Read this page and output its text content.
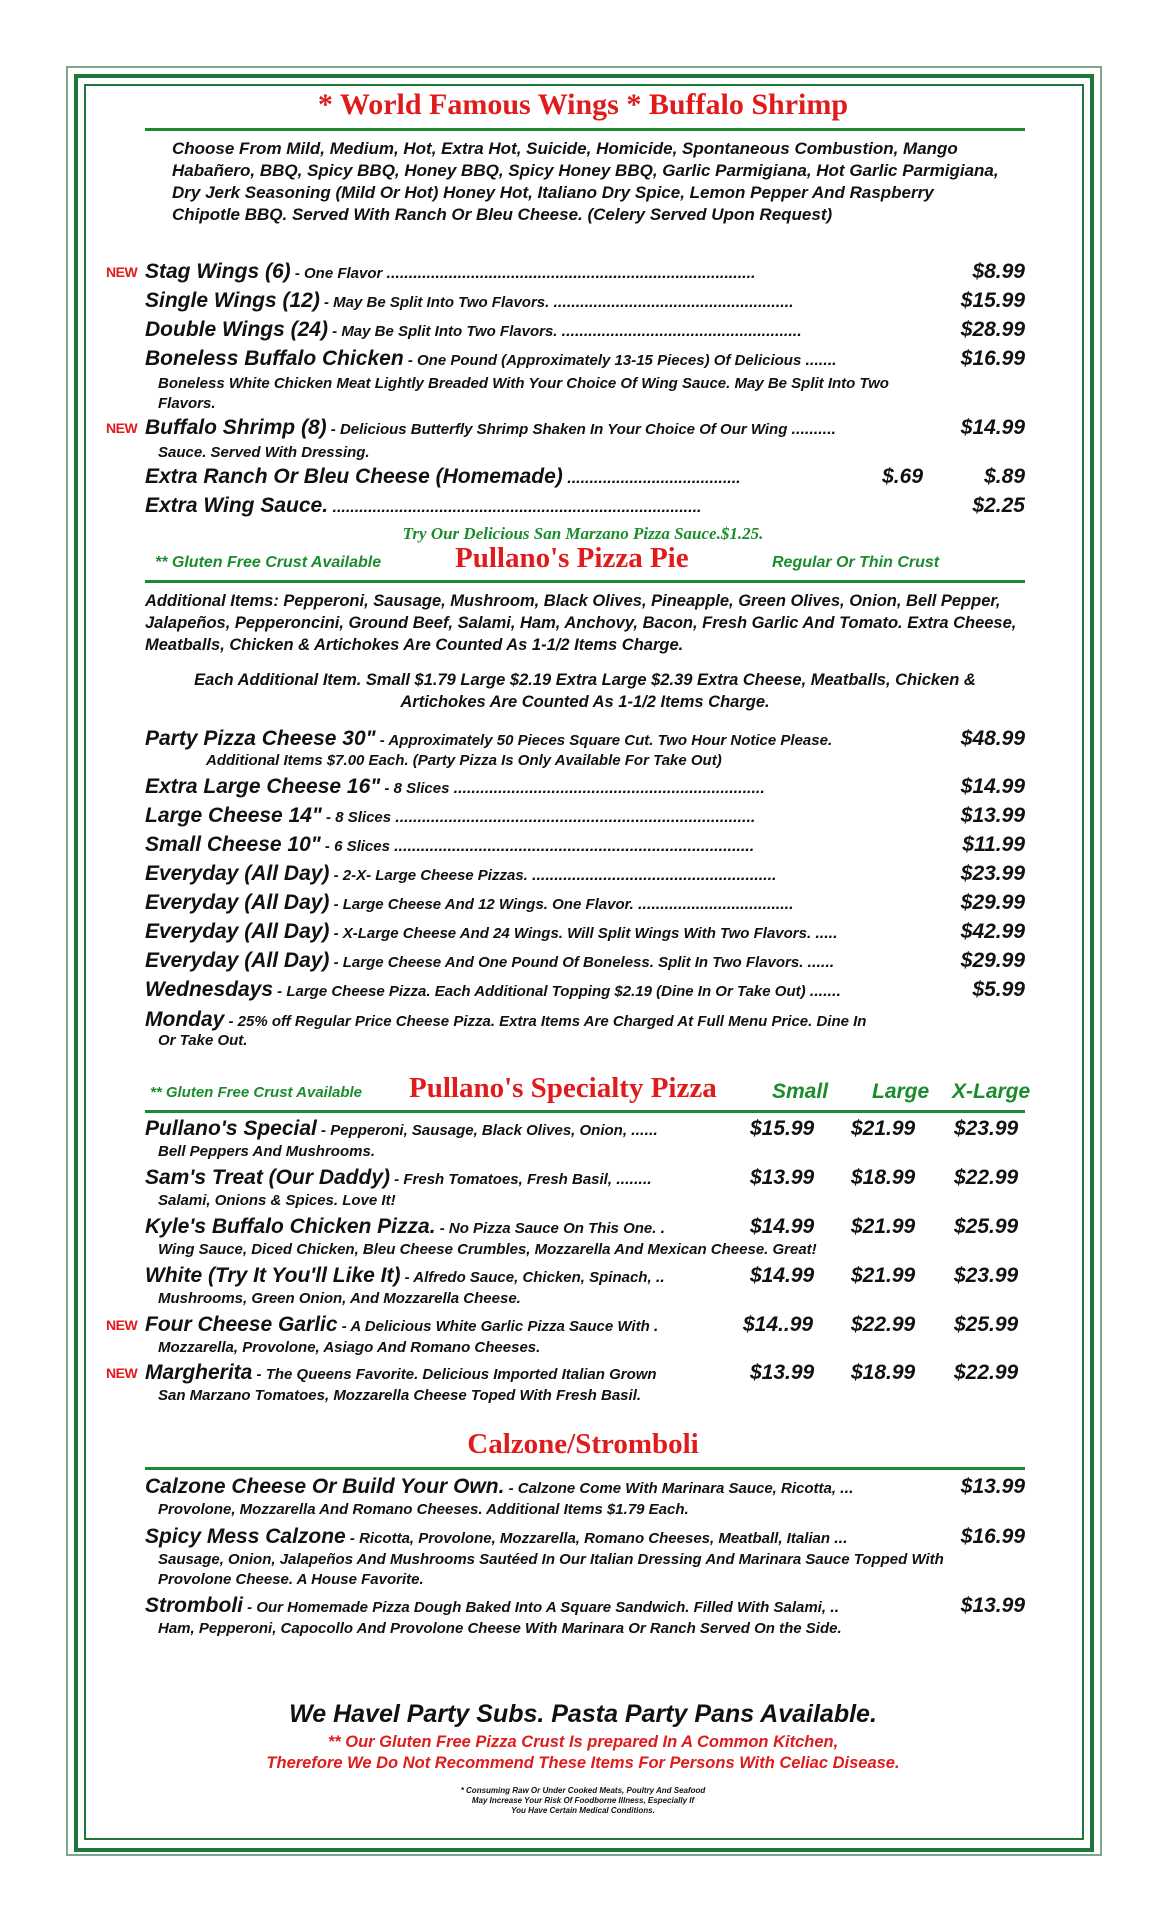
* World Famous Wings * Buffalo Shrimp
Choose From Mild, Medium, Hot, Extra Hot, Suicide, Homicide, Spontaneous Combustion, Mango Habañero, BBQ, Spicy BBQ, Honey BBQ, Spicy Honey BBQ, Garlic Parmigiana, Hot Garlic Parmigiana, Dry Jerk Seasoning (Mild Or Hot) Honey Hot, Italiano Dry Spice, Lemon Pepper And Raspberry Chipotle BBQ. Served With Ranch Or Bleu Cheese. (Celery Served Upon Request)
Stag Wings (6) - One Flavor ...................................................................................	$8.99
NEW
Single Wings (12) - May Be Split Into Two Flavors. ......................................................	$15.99
Double Wings (24) - May Be Split Into Two Flavors. ......................................................	$28.99
Boneless Buffalo Chicken - One Pound (Approximately 13-15 Pieces) Of Delicious .......	$16.99
Boneless White Chicken Meat Lightly Breaded With Your Choice Of Wing Sauce. May Be Split Into Two Flavors.
Buffalo Shrimp (8) - Delicious Butterfly Shrimp Shaken In Your Choice Of Our Wing ..........	$14.99
NEW
Sauce. Served With Dressing.
Extra Ranch Or Bleu Cheese (Homemade) .......................................	$.69	$.89
Extra Wing Sauce. ...................................................................................	$2.25
Try Our Delicious San Marzano Pizza Sauce.$1.25.
** Gluten Free Crust Available	Pullano's Pizza Pie	Regular Or Thin Crust
Additional Items: Pepperoni, Sausage, Mushroom, Black Olives, Pineapple, Green Olives, Onion, Bell Pepper, Jalapeños, Pepperoncini, Ground Beef, Salami, Ham, Anchovy, Bacon, Fresh Garlic And Tomato. Extra Cheese, Meatballs, Chicken & Artichokes Are Counted As 1-1/2 Items Charge.
Each Additional Item. Small $1.79 Large $2.19 Extra Large $2.39 Extra Cheese, Meatballs, Chicken & Artichokes Are Counted As 1-1/2 Items Charge.
Party Pizza Cheese 30" - Approximately 50 Pieces Square Cut. Two Hour Notice Please.	$48.99
Additional Items $7.00 Each. (Party Pizza Is Only Available For Take Out)
Extra Large Cheese 16" - 8 Slices ......................................................................	$14.99
Large Cheese 14" - 8 Slices .................................................................................	$13.99
Small Cheese 10" - 6 Slices .................................................................................	$11.99
Everyday (All Day) - 2-X- Large Cheese Pizzas. .......................................................	$23.99
Everyday (All Day) - Large Cheese And 12 Wings. One Flavor. ...................................	$29.99
Everyday (All Day) - X-Large Cheese And 24 Wings. Will Split Wings With Two Flavors. .....	$42.99
Everyday (All Day) - Large Cheese And One Pound Of Boneless. Split In Two Flavors. ......	$29.99
Wednesdays - Large Cheese Pizza. Each Additional Topping $2.19 (Dine In Or Take Out) .......	$5.99
Monday - 25% off Regular Price Cheese Pizza. Extra Items Are Charged At Full Menu Price. Dine In
Or Take Out.
** Gluten Free Crust Available Pullano's Specialty Pizza	Small Large X-Large
Pullano's Special - Pepperoni, Sausage, Black Olives, Onion, ......	$15.99 $21.99 $23.99
Bell Peppers And Mushrooms.
Sam's Treat (Our Daddy) - Fresh Tomatoes, Fresh Basil, ........	$13.99 $18.99 $22.99
Salami, Onions & Spices. Love It!
Kyle's Buffalo Chicken Pizza. - No Pizza Sauce On This One. .	$14.99 $21.99 $25.99
Wing Sauce, Diced Chicken, Bleu Cheese Crumbles, Mozzarella And Mexican Cheese. Great!
White (Try It You'll Like It) - Alfredo Sauce, Chicken, Spinach, ..	$14.99 $21.99 $23.99
Mushrooms, Green Onion, And Mozzarella Cheese.
Four Cheese Garlic - A Delicious White Garlic Pizza Sauce With .
NEW	$14..99 $22.99 $25.99
Mozzarella, Provolone, Asiago And Romano Cheeses.
Margherita - The Queens Favorite. Delicious Imported Italian Grown
NEW	$13.99 $18.99 $22.99
San Marzano Tomatoes, Mozzarella Cheese Toped With Fresh Basil.
Calzone/Stromboli
Calzone Cheese Or Build Your Own. - Calzone Come With Marinara Sauce, Ricotta, ...	$13.99
Provolone, Mozzarella And Romano Cheeses. Additional Items $1.79 Each.
Spicy Mess Calzone - Ricotta, Provolone, Mozzarella, Romano Cheeses, Meatball, Italian ...	$16.99
Sausage, Onion, Jalapeños And Mushrooms Sautéed In Our Italian Dressing And Marinara Sauce Topped With Provolone Cheese. A House Favorite.
Stromboli - Our Homemade Pizza Dough Baked Into A Square Sandwich. Filled With Salami, ..	$13.99
Ham, Pepperoni, Capocollo And Provolone Cheese With Marinara Or Ranch Served On the Side.
We Havel Party Subs. Pasta Party Pans Available.
** Our Gluten Free Pizza Crust Is prepared In A Common Kitchen,
Therefore We Do Not Recommend These Items For Persons With Celiac Disease.
* Consuming Raw Or Under Cooked Meats, Poultry And Seafood
May Increase Your Risk Of Foodborne Illness, Especially If
You Have Certain Medical Conditions.
